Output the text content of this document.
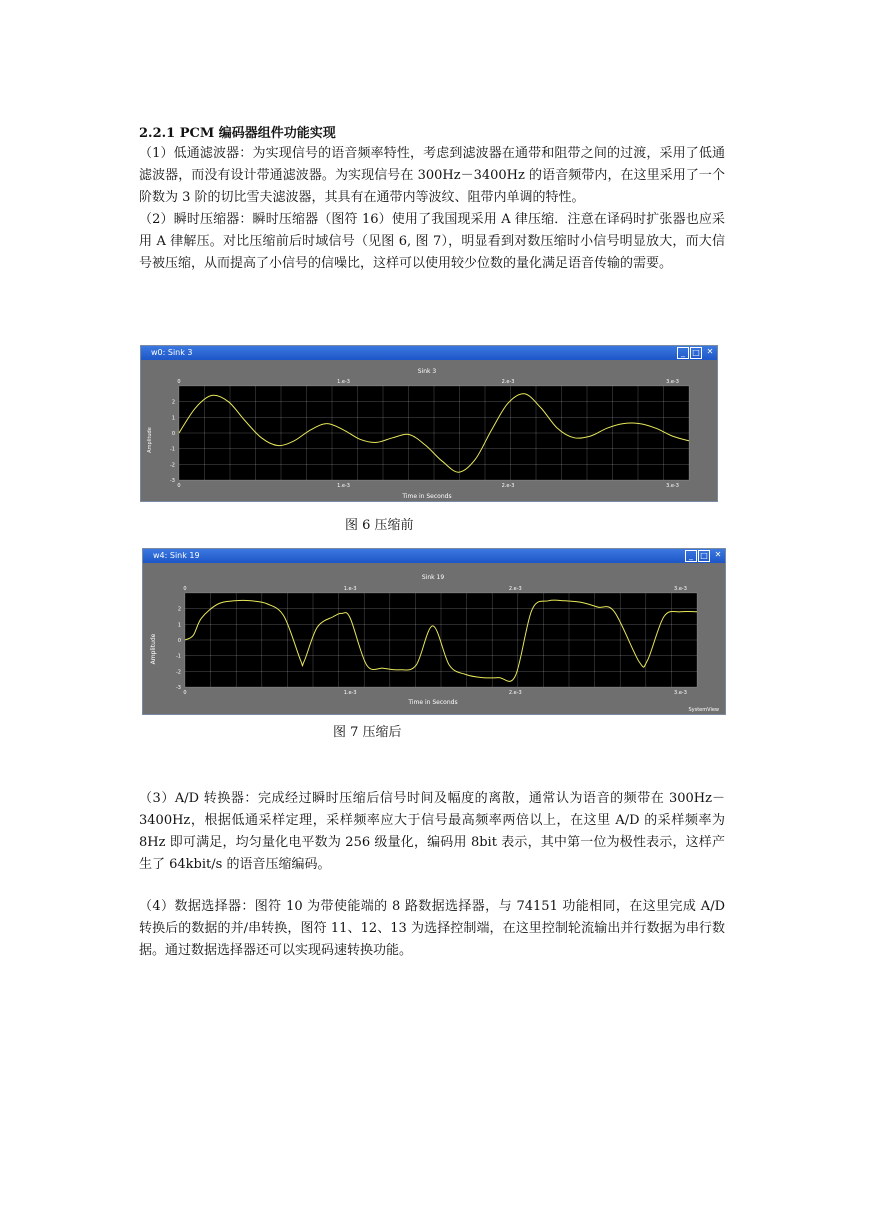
2.2.1 PCM 编码器组件功能实现

（1）低通滤波器：为实现信号的语音频率特性，考虑到滤波器在通带和阻带之间的过渡，采用了低通滤波器，而没有设计带通滤波器。为实现信号在 300Hz－3400Hz 的语音频带内，在这里采用了一个阶数为 3 阶的切比雪夫滤波器，其具有在通带内等波纹、阻带内单调的特性。

（2）瞬时压缩器：瞬时压缩器（图符 16）使用了我国现采用 A 律压缩．注意在译码时扩张器也应采用 A 律解压。对比压缩前后时域信号（见图 6, 图 7），明显看到对数压缩时小信号明显放大，而大信号被压缩，从而提高了小信号的信噪比，这样可以使用较少位数的量化满足语音传输的需要。

w0: Sink 3	_ □ ✕
Sink 3
Amplitude
Time in Seconds
2
1
0
-1
-2
-3
0
0
1.e-3
1.e-3
2.e-3
2.e-3
3.e-3
3.e-3
图 6 压缩前
w4: Sink 19	_ □ ✕
Sink 19
Amplitude
Time in Seconds
SystemView
2
1
0
-1
-2
-3
0
0
1.e-3
1.e-3
2.e-3
2.e-3
3.e-3
3.e-3
图 7 压缩后

（3）A/D 转换器：完成经过瞬时压缩后信号时间及幅度的离散，通常认为语音的频带在 300Hz－3400Hz，根据低通采样定理，采样频率应大于信号最高频率两倍以上，在这里 A/D 的采样频率为 8Hz 即可满足，均匀量化电平数为 256 级量化，编码用 8bit 表示，其中第一位为极性表示，这样产生了 64kbit/s 的语音压缩编码。

（4）数据选择器：图符 10 为带使能端的 8 路数据选择器，与 74151 功能相同，在这里完成 A/D 转换后的数据的并/串转换，图符 11、12、13 为选择控制端，在这里控制轮流输出并行数据为串行数据。通过数据选择器还可以实现码速转换功能。
